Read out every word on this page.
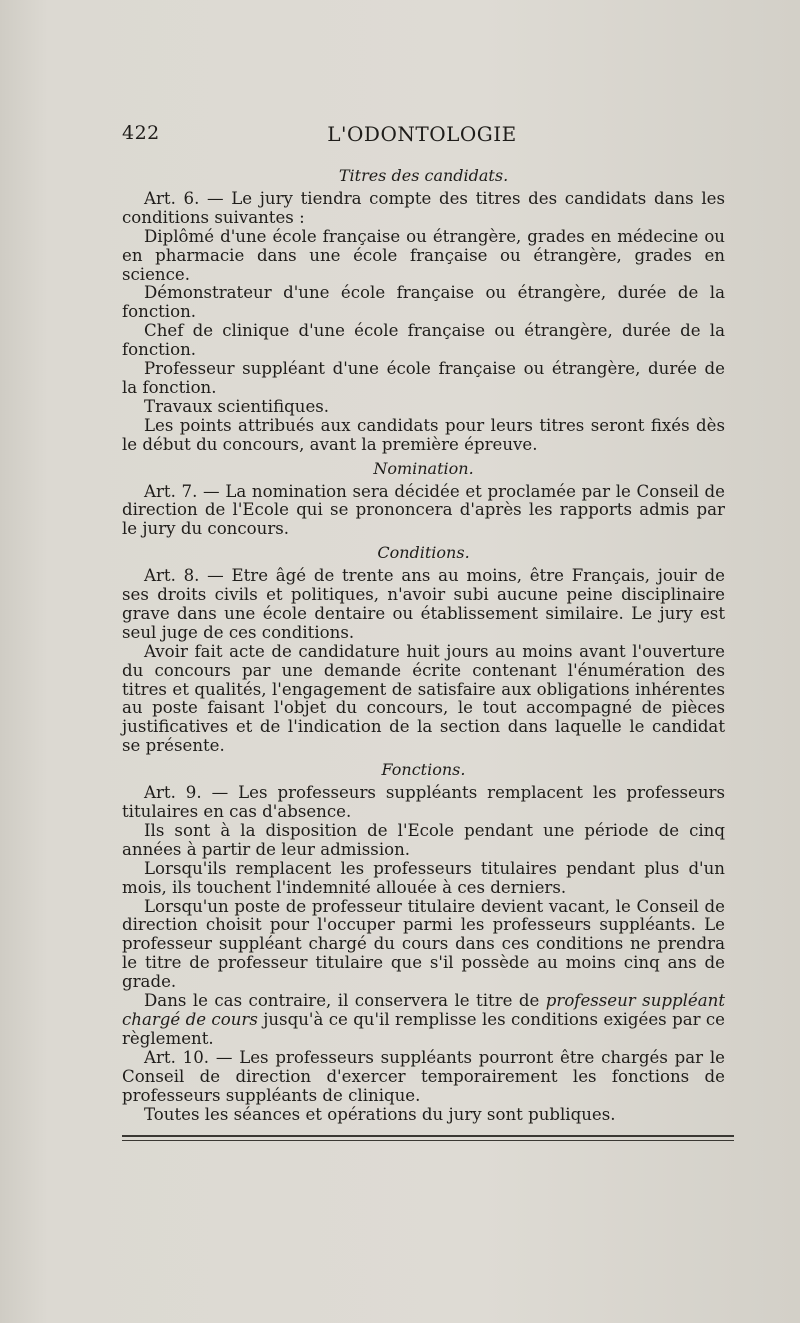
422	L'ODONTOLOGIE
Titres des candidats.

Art. 6. — Le jury tiendra compte des titres des candidats dans les conditions suivantes :

Diplômé d'une école française ou étrangère, grades en médecine ou en pharmacie dans une école française ou étrangère, grades en science.

Démonstrateur d'une école française ou étrangère, durée de la fonction.

Chef de clinique d'une école française ou étrangère, durée de la fonction.

Professeur suppléant d'une école française ou étrangère, durée de la fonction.

Travaux scientifiques.

Les points attribués aux candidats pour leurs titres seront fixés dès le début du concours, avant la première épreuve.

Nomination.

Art. 7. — La nomination sera décidée et proclamée par le Conseil de direction de l'Ecole qui se prononcera d'après les rapports admis par le jury du concours.

Conditions.

Art. 8. — Etre âgé de trente ans au moins, être Français, jouir de ses droits civils et politiques, n'avoir subi aucune peine disciplinaire grave dans une école dentaire ou établissement similaire. Le jury est seul juge de ces conditions.

Avoir fait acte de candidature huit jours au moins avant l'ouverture du concours par une demande écrite contenant l'énumération des titres et qualités, l'engagement de satisfaire aux obligations inhérentes au poste faisant l'objet du concours, le tout accompagné de pièces justificatives et de l'indication de la section dans laquelle le candidat se présente.

Fonctions.

Art. 9. — Les professeurs suppléants remplacent les professeurs titulaires en cas d'absence.

Ils sont à la disposition de l'Ecole pendant une période de cinq années à partir de leur admission.

Lorsqu'ils remplacent les professeurs titulaires pendant plus d'un mois, ils touchent l'indemnité allouée à ces derniers.

Lorsqu'un poste de professeur titulaire devient vacant, le Conseil de direction choisit pour l'occuper parmi les professeurs suppléants. Le professeur suppléant chargé du cours dans ces conditions ne prendra le titre de professeur titulaire que s'il possède au moins cinq ans de grade.

Dans le cas contraire, il conservera le titre de professeur suppléant chargé de cours jusqu'à ce qu'il remplisse les conditions exigées par ce règlement.

Art. 10. — Les professeurs suppléants pourront être chargés par le Conseil de direction d'exercer temporairement les fonctions de professeurs suppléants de clinique.

Toutes les séances et opérations du jury sont publiques.
